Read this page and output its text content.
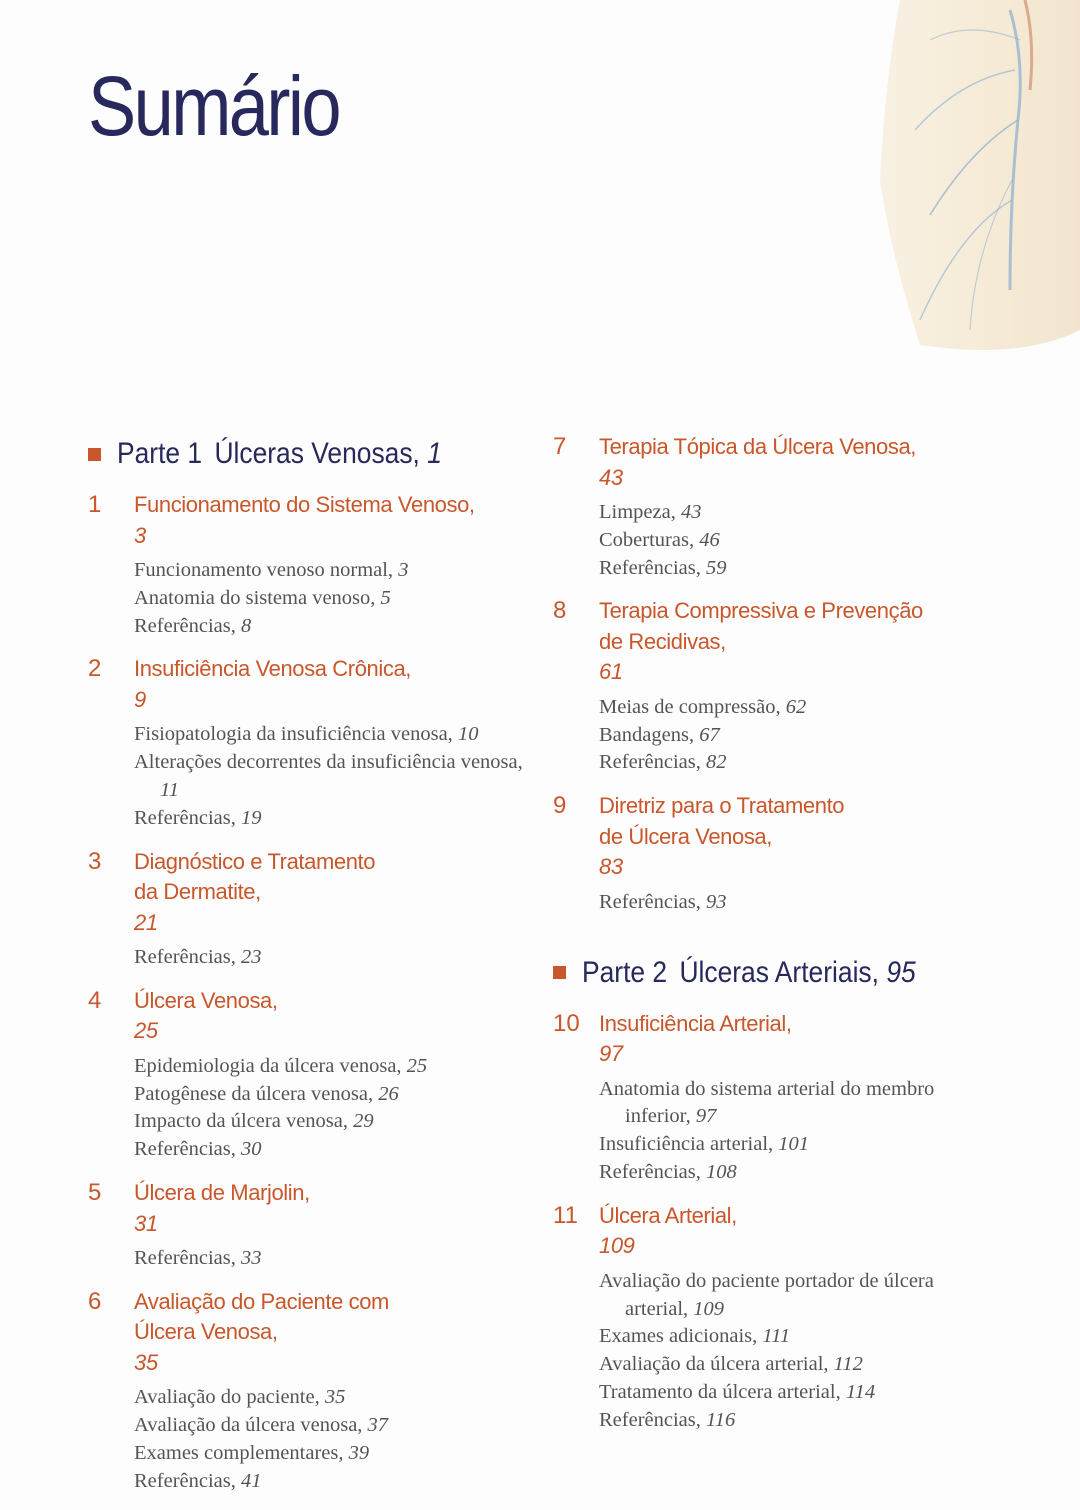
Sumário
Parte 1 Úlceras Venosas, 1
1 Funcionamento do Sistema Venoso,
3
Funcionamento venoso normal, 3
Anatomia do sistema venoso, 5
Referências, 8
2 Insuficiência Venosa Crônica,
9
Fisiopatologia da insuficiência venosa, 10
Alterações decorrentes da insuficiência venosa, 11
Referências, 19
3 Diagnóstico e Tratamento
da Dermatite,
21
Referências, 23
4 Úlcera Venosa,
25
Epidemiologia da úlcera venosa, 25
Patogênese da úlcera venosa, 26
Impacto da úlcera venosa, 29
Referências, 30
5 Úlcera de Marjolin,
31
Referências, 33
6 Avaliação do Paciente com
Úlcera Venosa,
35
Avaliação do paciente, 35
Avaliação da úlcera venosa, 37
Exames complementares, 39
Referências, 41
7 Terapia Tópica da Úlcera Venosa,
43
Limpeza, 43
Coberturas, 46
Referências, 59
8 Terapia Compressiva e Prevenção
de Recidivas,
61
Meias de compressão, 62
Bandagens, 67
Referências, 82
9 Diretriz para o Tratamento
de Úlcera Venosa,
83
Referências, 93
Parte 2 Úlceras Arteriais, 95
10 Insuficiência Arterial,
97
Anatomia do sistema arterial do membro inferior, 97
Insuficiência arterial, 101
Referências, 108
11 Úlcera Arterial,
109
Avaliação do paciente portador de úlcera arterial, 109
Exames adicionais, 111
Avaliação da úlcera arterial, 112
Tratamento da úlcera arterial, 114
Referências, 116
